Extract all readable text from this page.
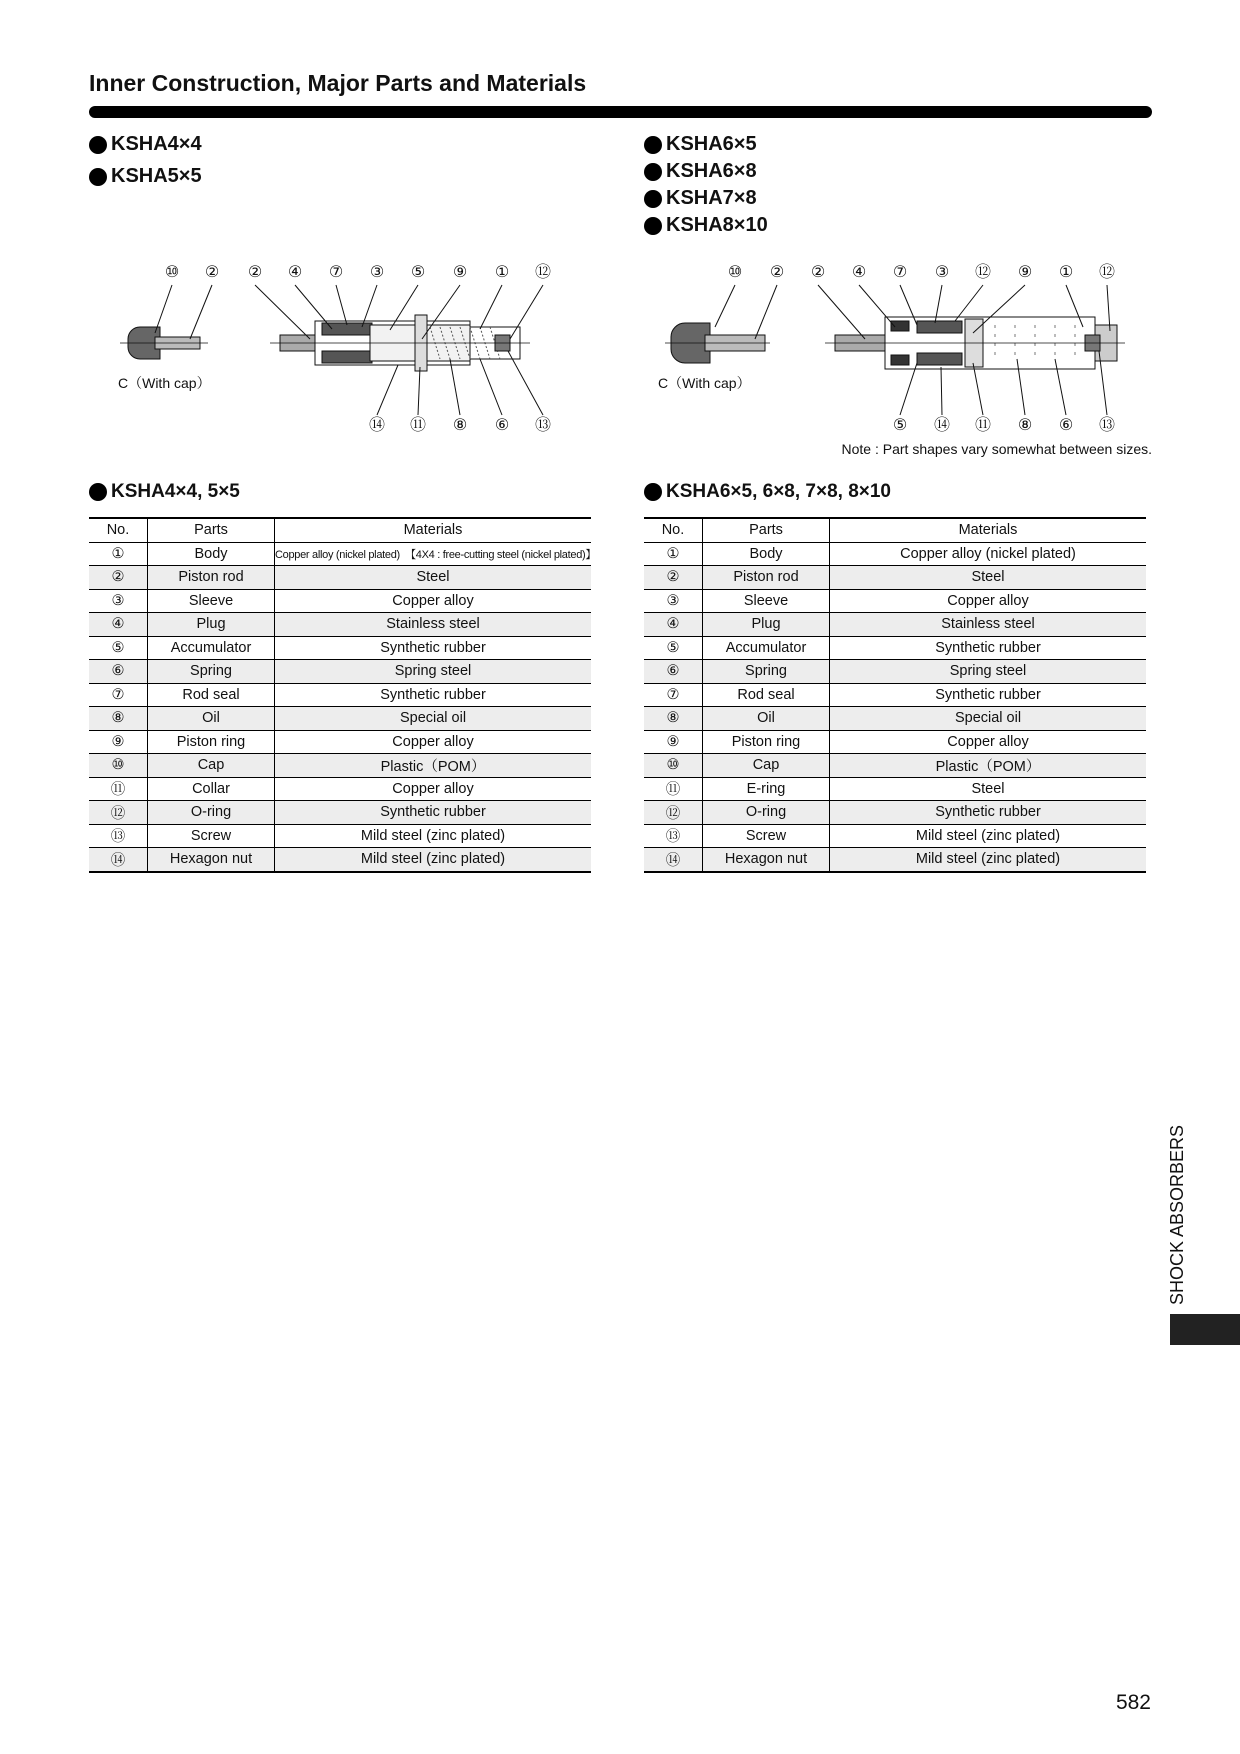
Inner Construction, Major Parts and Materials
KSHA4×4
KSHA5×5
KSHA6×5
KSHA6×8
KSHA7×8
KSHA8×10
⑩ ② ② ④ ⑦ ③ ⑤ ⑨ ① ⑫
⑭ ⑪ ⑧ ⑥ ⑬
C（With cap）
⑩ ② ② ④ ⑦ ③ ⑫ ⑨ ① ⑫
⑤ ⑭ ⑪ ⑧ ⑥ ⑬
C（With cap）
Note : Part shapes vary somewhat between sizes.
KSHA4×4, 5×5
No.	Parts	Materials
①	Body	Copper alloy (nickel plated)　【4X4 : free-cutting steel (nickel plated)】
②	Piston rod	Steel
③	Sleeve	Copper alloy
④	Plug	Stainless steel
⑤	Accumulator	Synthetic rubber
⑥	Spring	Spring steel
⑦	Rod seal	Synthetic rubber
⑧	Oil	Special oil
⑨	Piston ring	Copper alloy
⑩	Cap	Plastic（POM）
⑪	Collar	Copper alloy
⑫	O-ring	Synthetic rubber
⑬	Screw	Mild steel (zinc plated)
⑭	Hexagon nut	Mild steel (zinc plated)
KSHA6×5, 6×8, 7×8, 8×10
No.	Parts	Materials
①	Body	Copper alloy (nickel plated)
②	Piston rod	Steel
③	Sleeve	Copper alloy
④	Plug	Stainless steel
⑤	Accumulator	Synthetic rubber
⑥	Spring	Spring steel
⑦	Rod seal	Synthetic rubber
⑧	Oil	Special oil
⑨	Piston ring	Copper alloy
⑩	Cap	Plastic（POM）
⑪	E-ring	Steel
⑫	O-ring	Synthetic rubber
⑬	Screw	Mild steel (zinc plated)
⑭	Hexagon nut	Mild steel (zinc plated)
SHOCK ABSORBERS
582
